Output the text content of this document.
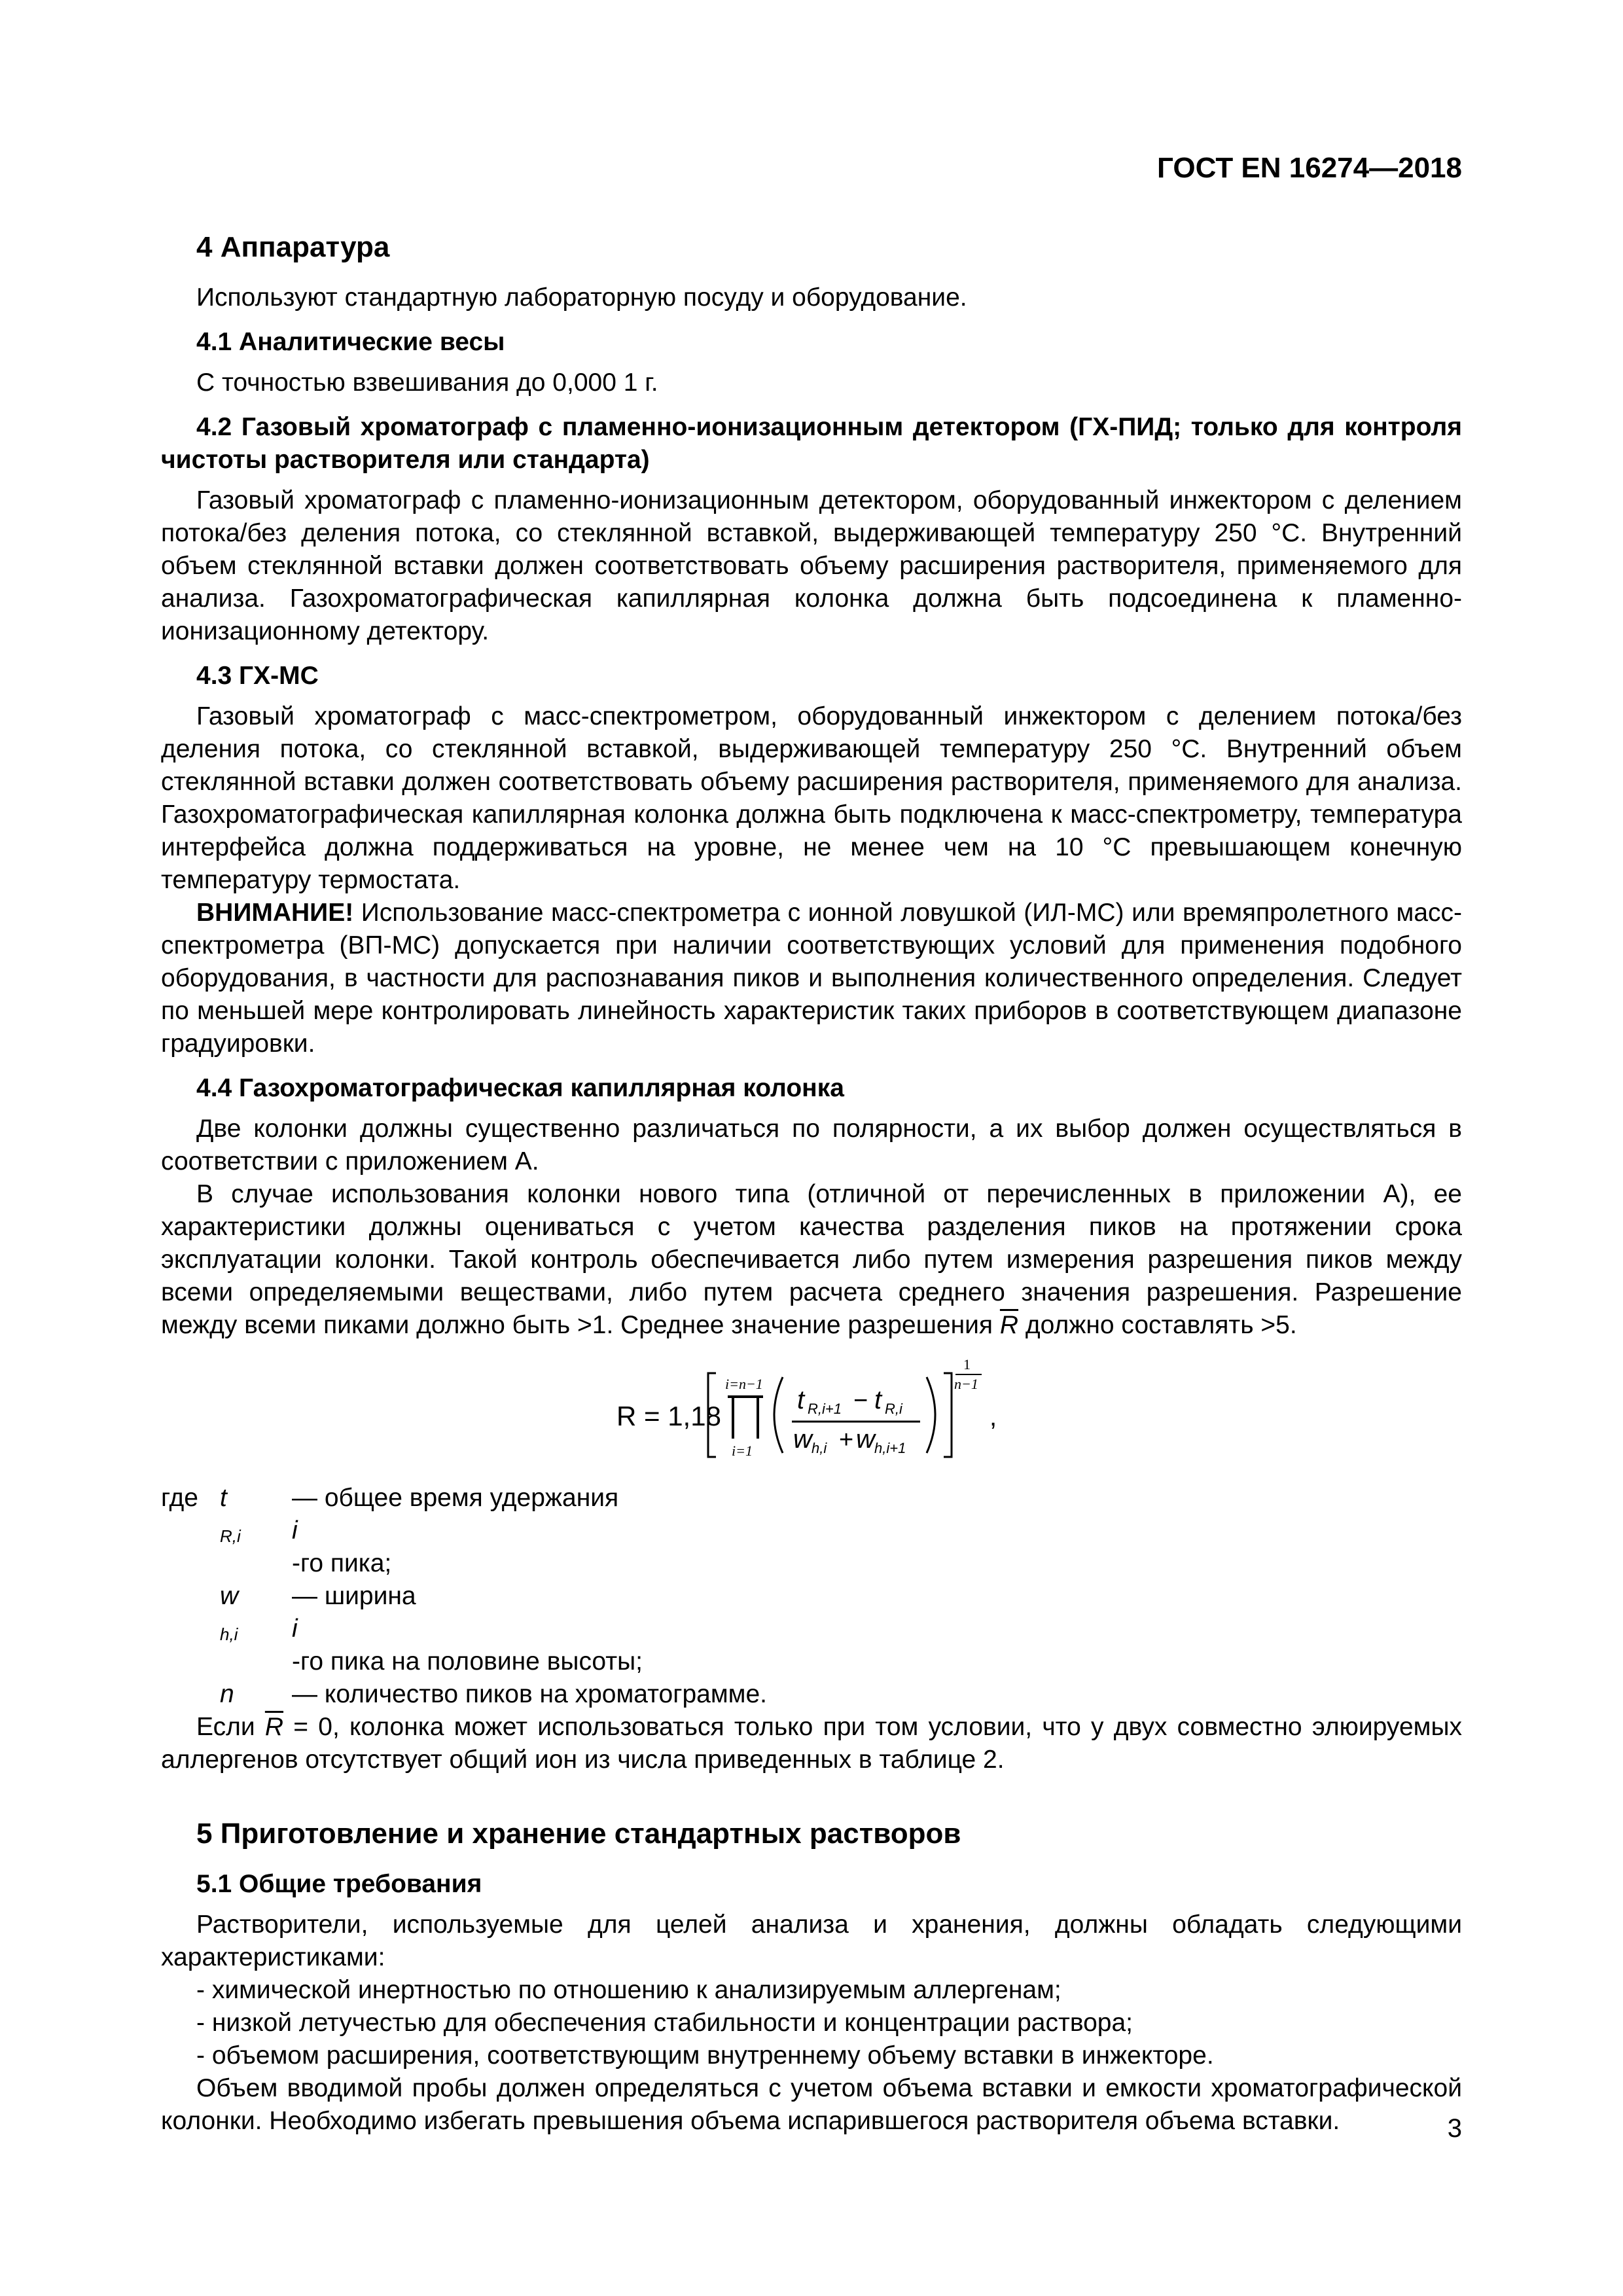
ГОСТ EN 16274—2018

4 Аппаратура

Используют стандартную лабораторную посуду и оборудование.

4.1 Аналитические весы

С точностью взвешивания до 0,000 1 г.

4.2 Газовый хроматограф с пламенно-ионизационным детектором (ГХ-ПИД; только для контроля чистоты растворителя или стандарта)

Газовый хроматограф с пламенно-ионизационным детектором, оборудованный инжектором с делением потока/без деления потока, со стеклянной вставкой, выдерживающей температуру 250 °С. Внутренний объем стеклянной вставки должен соответствовать объему расширения растворителя, применяемого для анализа. Газохроматографическая капиллярная колонка должна быть подсоединена к пламенно-ионизационному детектору.

4.3 ГХ-МС

Газовый хроматограф с масс-спектрометром, оборудованный инжектором с делением потока/без деления потока, со стеклянной вставкой, выдерживающей температуру 250 °С. Внутренний объем стеклянной вставки должен соответствовать объему расширения растворителя, применяемого для анализа. Газохроматографическая капиллярная колонка должна быть подключена к масс-спектрометру, температура интерфейса должна поддерживаться на уровне, не менее чем на 10 °С превышающем конечную температуру термостата.

ВНИМАНИЕ! Использование масс-спектрометра с ионной ловушкой (ИЛ-МС) или времяпролетного масс-спектрометра (ВП-МС) допускается при наличии соответствующих условий для применения подобного оборудования, в частности для распознавания пиков и выполнения количественного определения. Следует по меньшей мере контролировать линейность характеристик таких приборов в соответствующем диапазоне градуировки.

4.4 Газохроматографическая капиллярная колонка

Две колонки должны существенно различаться по полярности, а их выбор должен осуществляться в соответствии с приложением А.

В случае использования колонки нового типа (отличной от перечисленных в приложении А), ее характеристики должны оцениваться с учетом качества разделения пиков на протяжении срока эксплуатации колонки. Такой контроль обеспечивается либо путем измерения разрешения пиков между всеми определяемыми веществами, либо путем расчета среднего значения разрешения. Разрешение между всеми пиками должно быть >1. Среднее значение разрешения $\overline{R}$ должно составлять >5.

R = 1,18
i=n−1
i=1
t R,i+1 − t R,i
w h,i + w h,i+1
1
n−1
,
где t
R,i
— общее время удержания
i
-го пика;
w
h,i
— ширина
i
-го пика на половине высоты;
n	— количество пиков на хроматограмме.

Если $\overline{R} = 0$, колонка может использоваться только при том условии, что у двух совместно элюируемых аллергенов отсутствует общий ион из числа приведенных в таблице 2.

5 Приготовление и хранение стандартных растворов

5.1 Общие требования

Растворители, используемые для целей анализа и хранения, должны обладать следующими характеристиками:

- химической инертностью по отношению к анализируемым аллергенам;

- низкой летучестью для обеспечения стабильности и концентрации раствора;

- объемом расширения, соответствующим внутреннему объему вставки в инжекторе.

Объем вводимой пробы должен определяться с учетом объема вставки и емкости хроматографической колонки. Необходимо избегать превышения объема испарившегося растворителя объема вставки.	3
